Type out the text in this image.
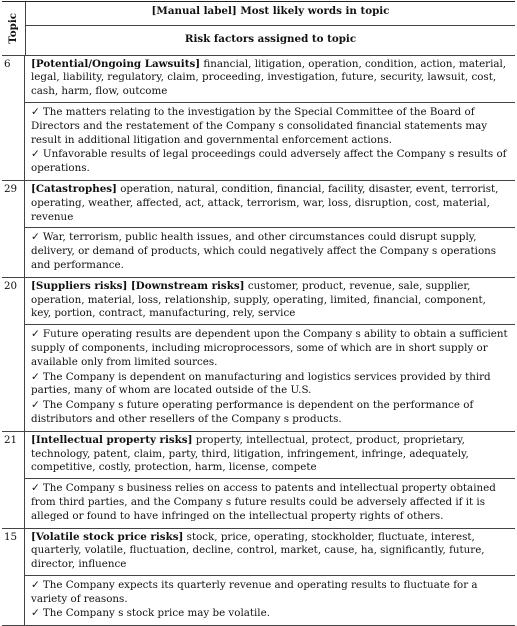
Topic
[Manual label] Most likely words in topic
Risk factors assigned to topic
6	[Potential/Ongoing Lawsuits] financial, litigation, operation, condition, action, material, legal, liability, regulatory, claim, proceeding, investigation, future, security, lawsuit, cost, cash, harm, flow, outcome
✓ The matters relating to the investigation by the Special Committee of the Board of Directors and the restatement of the Company s consolidated financial statements may result in additional litigation and governmental enforcement actions.
✓ Unfavorable results of legal proceedings could adversely affect the Company s results of operations.
29	[Catastrophes] operation, natural, condition, financial, facility, disaster, event, terrorist, operating, weather, affected, act, attack, terrorism, war, loss, disruption, cost, material, revenue
✓ War, terrorism, public health issues, and other circumstances could disrupt supply, delivery, or demand of products, which could negatively affect the Company s operations and performance.
20	[Suppliers risks] [Downstream risks] customer, product, revenue, sale, supplier, operation, material, loss, relationship, supply, operating, limited, financial, component, key, portion, contract, manufacturing, rely, service
✓ Future operating results are dependent upon the Company s ability to obtain a sufficient supply of components, including microprocessors, some of which are in short supply or available only from limited sources.
✓ The Company is dependent on manufacturing and logistics services provided by third parties, many of whom are located outside of the U.S.
✓ The Company s future operating performance is dependent on the performance of distributors and other resellers of the Company s products.
21	[Intellectual property risks] property, intellectual, protect, product, proprietary, technology, patent, claim, party, third, litigation, infringement, infringe, adequately, competitive, costly, protection, harm, license, compete
✓ The Company s business relies on access to patents and intellectual property obtained from third parties, and the Company s future results could be adversely affected if it is alleged or found to have infringed on the intellectual property rights of others.
15	[Volatile stock price risks] stock, price, operating, stockholder, fluctuate, interest, quarterly, volatile, fluctuation, decline, control, market, cause, ha, significantly, future, director, influence
✓ The Company expects its quarterly revenue and operating results to fluctuate for a variety of reasons.
✓ The Company s stock price may be volatile.
